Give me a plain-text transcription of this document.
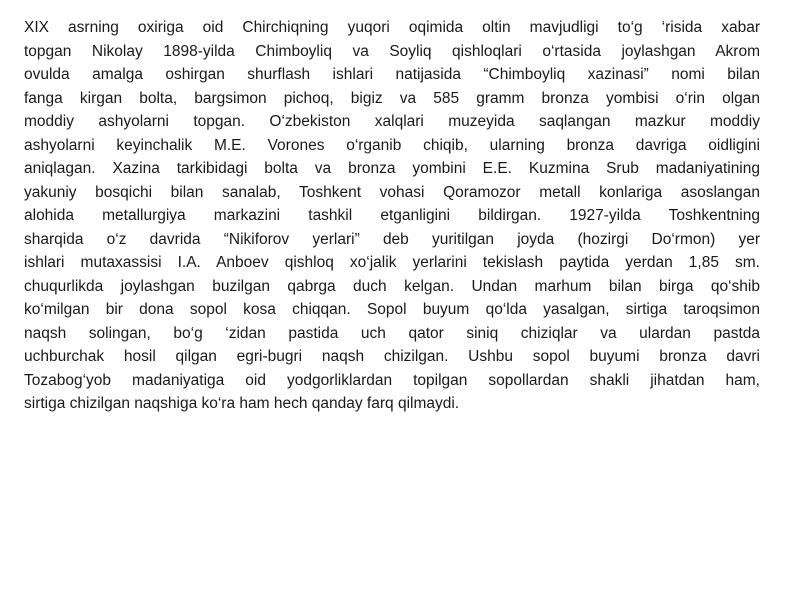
XIX asrning oxiriga oid Chirchiqning yuqori oqimida oltin mavjudligi to‘g ‘risida xabar
topgan Nikolay 1898-yilda Chimboyliq va Soyliq qishloqlari o‘rtasida joylashgan Akrom
ovulda amalga oshirgan shurflash ishlari natijasida “Chimboyliq xazinasi” nomi bilan
fanga kirgan bolta, bargsimon pichoq, bigiz va 585 gramm bronza yombisi o‘rin olgan
moddiy ashyolarni topgan. O‘zbekiston xalqlari muzeyida saqlangan mazkur moddiy
ashyolarni keyinchalik M.E. Vorones o‘rganib chiqib, ularning bronza davriga oidligini
aniqlagan. Xazina tarkibidagi bolta va bronza yombini E.E. Kuzmina Srub madaniyatining
yakuniy bosqichi bilan sanalab, Toshkent vohasi Qoramozor metall konlariga asoslangan
alohida metallurgiya markazini tashkil etganligini bildirgan. 1927-yilda Toshkentning
sharqida o‘z davrida “Nikiforov yerlari” deb yuritilgan joyda (hozirgi Do‘rmon) yer
ishlari mutaxassisi I.A. Anboev qishloq xo‘jalik yerlarini tekislash paytida yerdan 1,85 sm.
chuqurlikda joylashgan buzilgan qabrga duch kelgan. Undan marhum bilan birga qo‘shib
ko‘milgan bir dona sopol kosa chiqqan. Sopol buyum qo‘lda yasalgan, sirtiga taroqsimon
naqsh solingan, bo‘g ‘zidan pastida uch qator siniq chiziqlar va ulardan pastda
uchburchak hosil qilgan egri-bugri naqsh chizilgan. Ushbu sopol buyumi bronza davri
Tozabog‘yob madaniyatiga oid yodgorliklardan topilgan sopollardan shakli jihatdan ham,
sirtiga chizilgan naqshiga ko‘ra ham hech qanday farq qilmaydi.
